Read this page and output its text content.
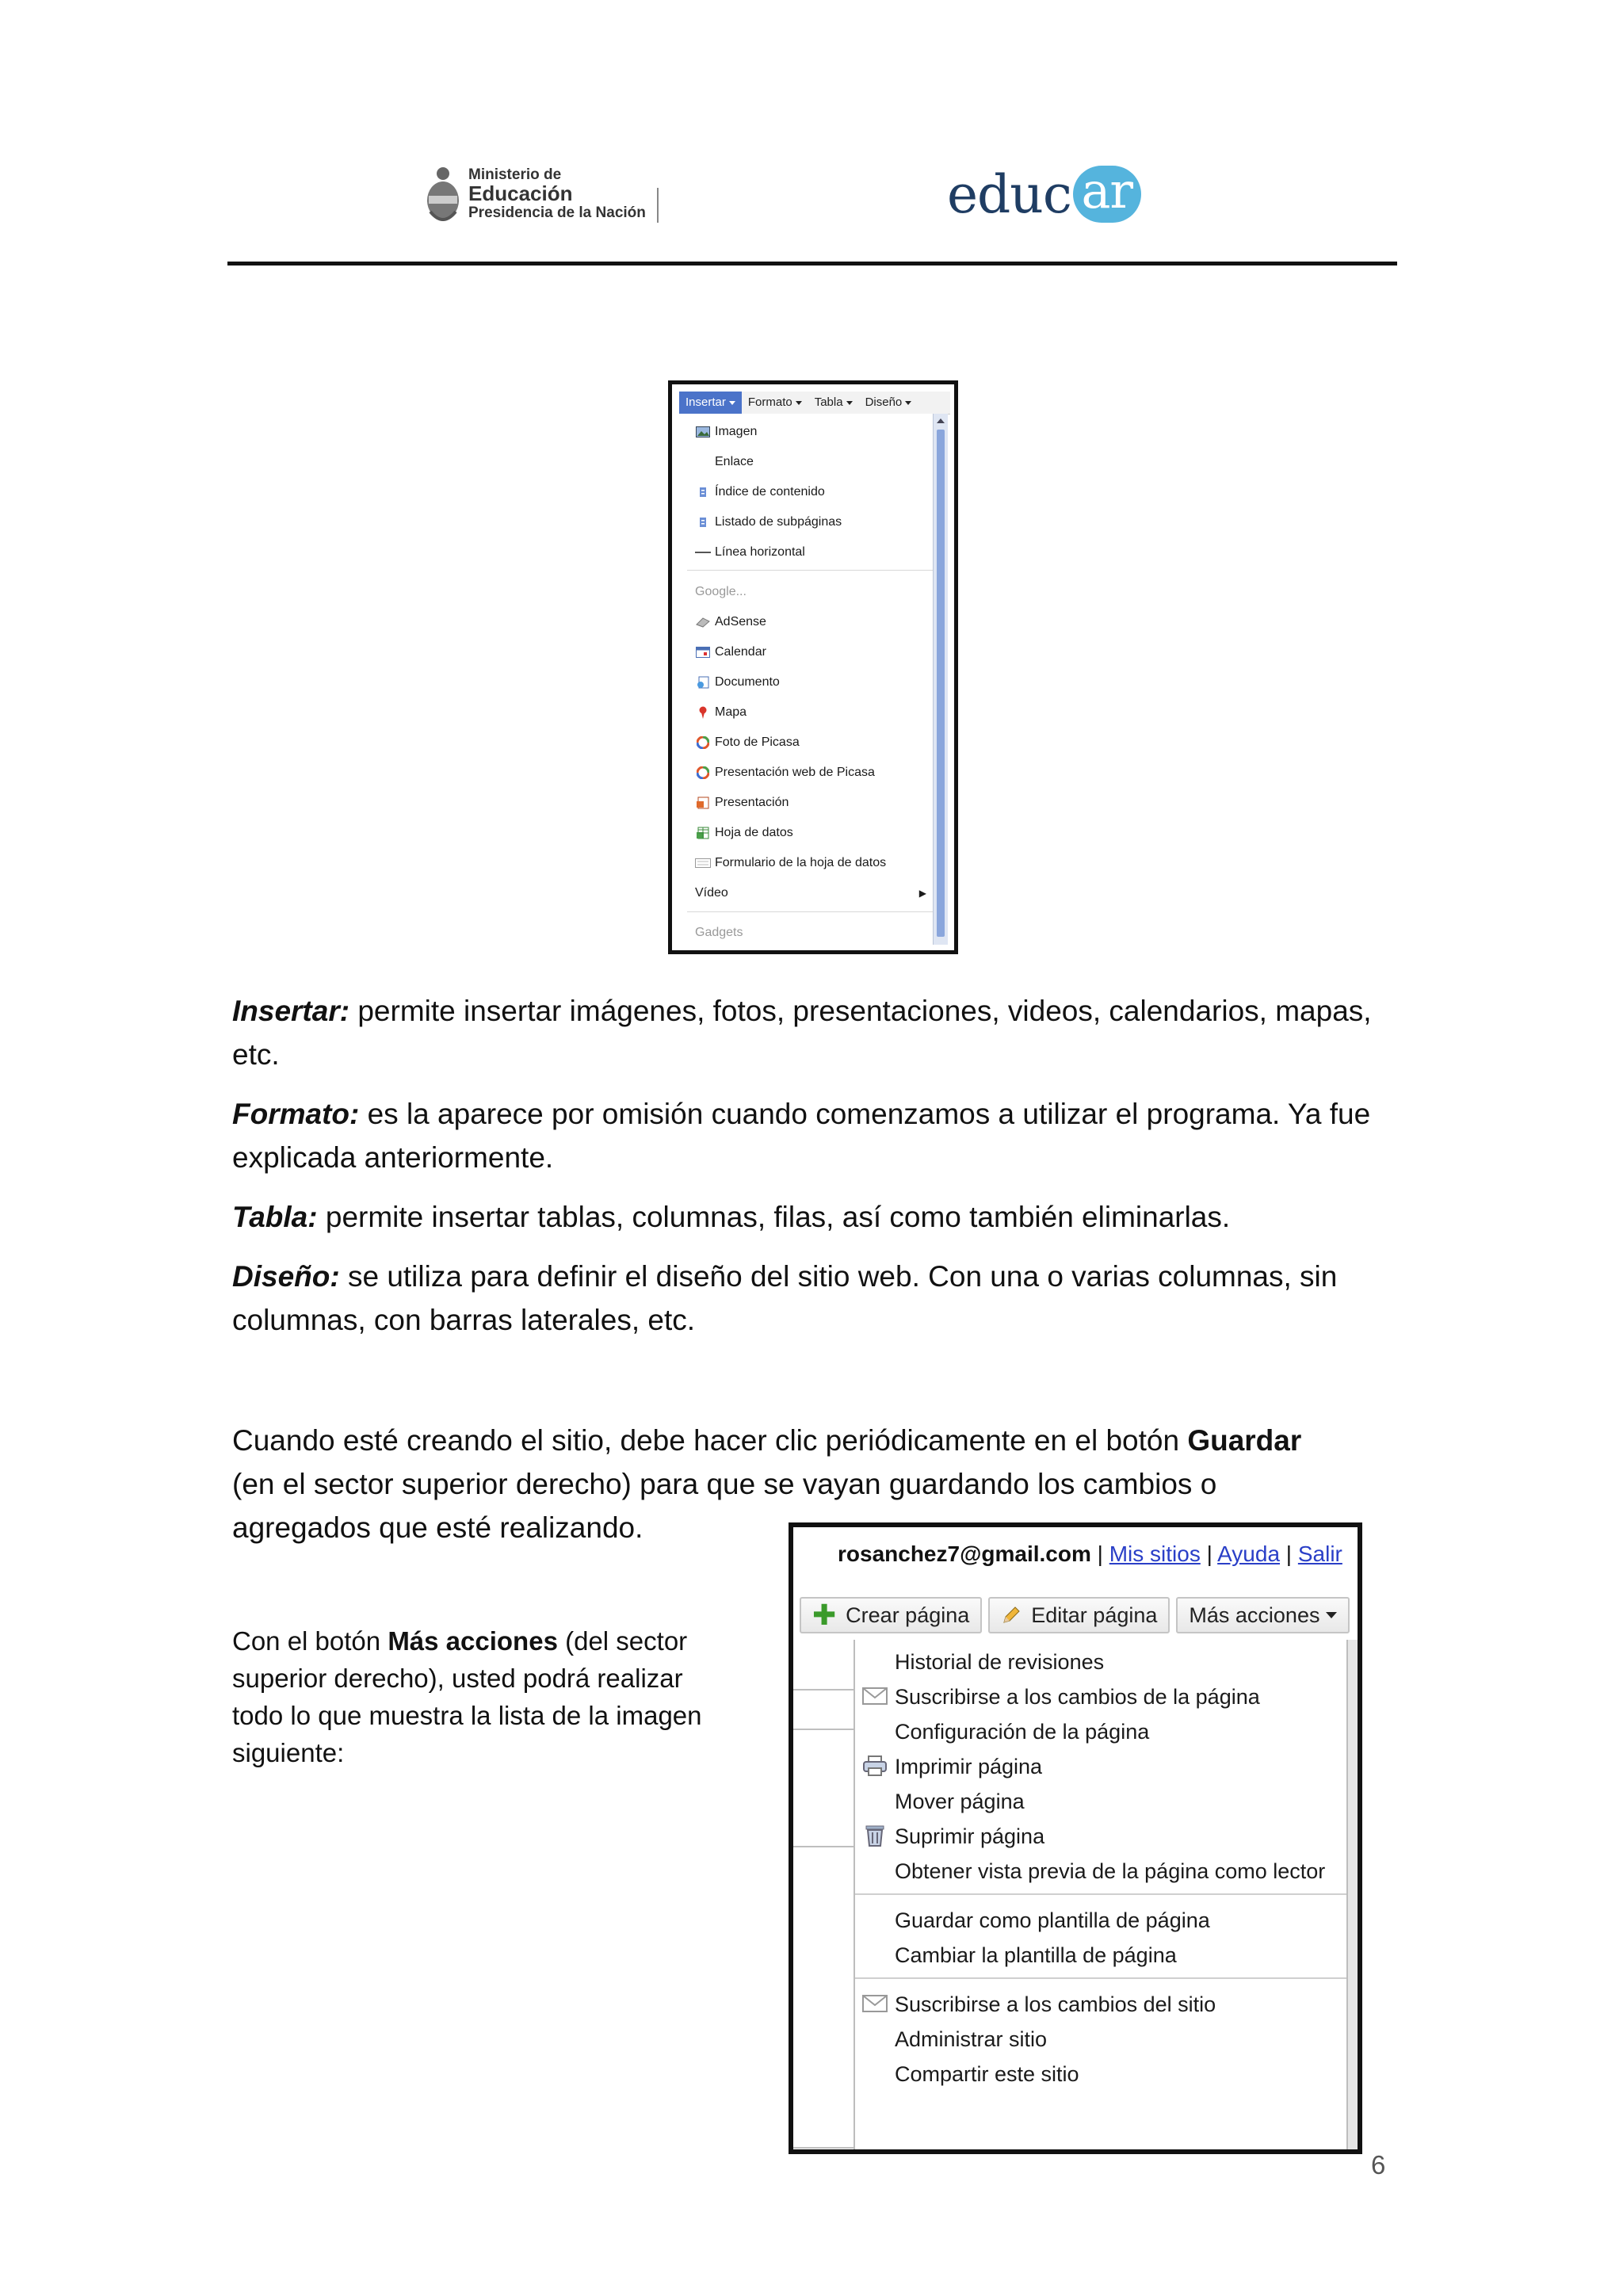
Ministerio de
Educación
Presidencia de la Nación	educ ar
Insertar	Formato	Tabla	Diseño
Imagen
Enlace
Índice de contenido
Listado de subpáginas
Línea horizontal
Google...
AdSense
Calendar
Documento
Mapa
Foto de Picasa
Presentación web de Picasa
Presentación
Hoja de datos
Formulario de la hoja de datos
Vídeo	▶
Gadgets
Insertar: permite insertar imágenes, fotos, presentaciones, videos, calendarios, mapas, etc.
Formato: es la aparece por omisión cuando comenzamos a utilizar el programa. Ya fue explicada anteriormente.
Tabla: permite insertar tablas, columnas, filas, así como también eliminarlas.
Diseño: se utiliza para definir el diseño del sitio web. Con una o varias columnas, sin columnas, con barras laterales, etc.
Cuando esté creando el sitio, debe hacer clic periódicamente en el botón Guardar
(en el sector superior derecho) para que se vayan guardando los cambios o agregados que esté realizando.
Con el botón Más acciones (del sector superior derecho), usted podrá realizar todo lo que muestra la lista de la imagen siguiente:
rosanchez7@gmail.com | Mis sitios | Ayuda | Salir
✚ Crear página	Editar página Más acciones
Historial de revisiones
Suscribirse a los cambios de la página
Configuración de la página
Imprimir página
Mover página
Suprimir página
Obtener vista previa de la página como lector
Guardar como plantilla de página
Cambiar la plantilla de página
Suscribirse a los cambios del sitio
Administrar sitio
Compartir este sitio
6
